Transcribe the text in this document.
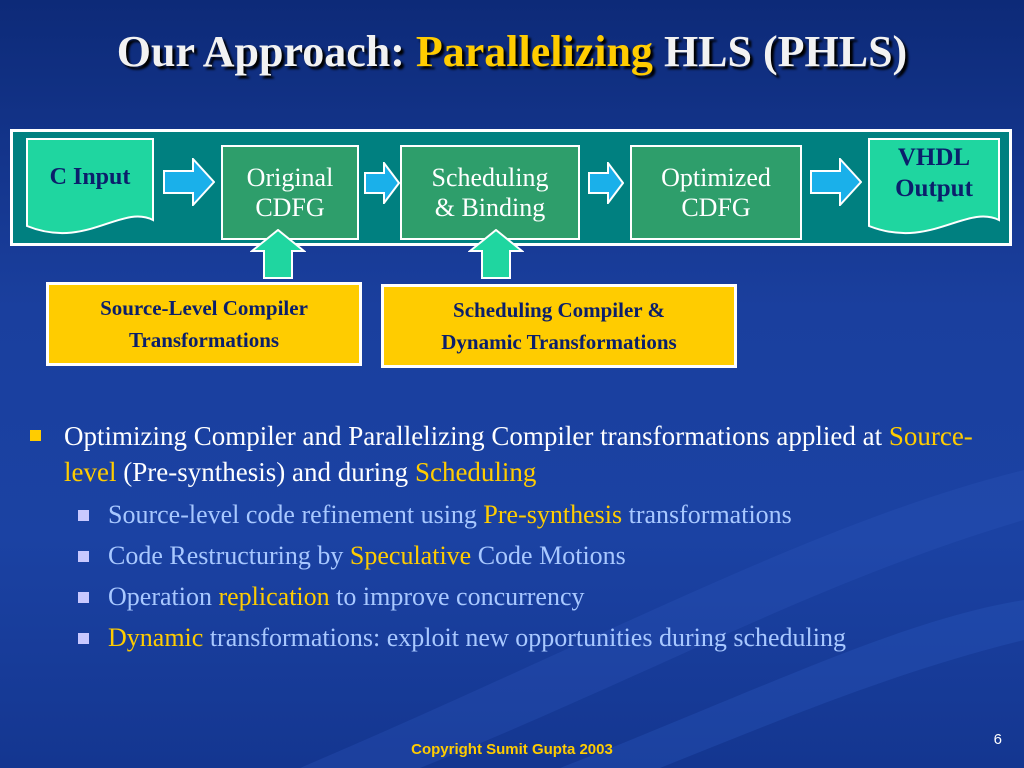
Our Approach: Parallelizing HLS (PHLS)
C Input	Original
CDFG
Scheduling
& Binding
Optimized
CDFG
VHDL
Output
Source-Level Compiler
Transformations
Scheduling Compiler &
Dynamic Transformations
Optimizing Compiler and Parallelizing Compiler transformations applied at Source-level (Pre-synthesis) and during Scheduling
Source-level code refinement using Pre-synthesis transformations
Code Restructuring by Speculative Code Motions
Operation replication to improve concurrency
Dynamic transformations: exploit new opportunities during scheduling
Copyright Sumit Gupta 2003
6
